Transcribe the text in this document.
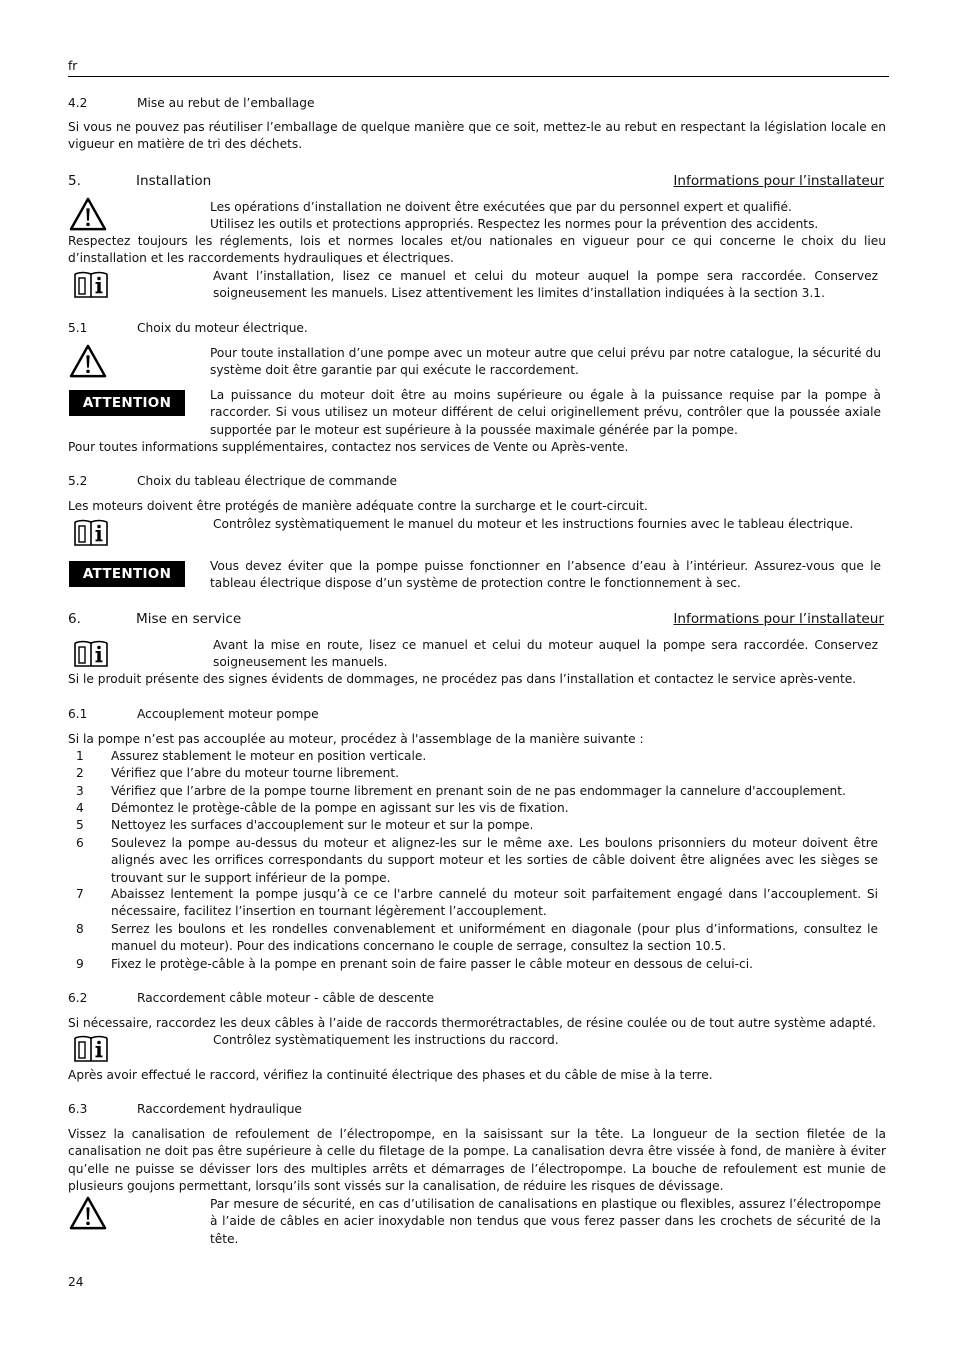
fr
4.2	Mise au rebut de l’emballage
Si vous ne pouvez pas réutiliser l’emballage de quelque manière que ce soit, mettez-le au rebut en respectant la législation locale en vigueur en matière de tri des déchets.
5.	Installation	Informations pour l’installateur
Les opérations d’installation ne doivent être exécutées que par du personnel expert et qualifié.
Utilisez les outils et protections appropriés. Respectez les normes pour la prévention des accidents.
Respectez toujours les réglements, lois et normes locales et/ou nationales en vigueur pour ce qui concerne le choix du lieu d’installation et les raccordements hydrauliques et électriques.
Avant l’installation, lisez ce manuel et celui du moteur auquel la pompe sera raccordée. Conservez soigneusement les manuels. Lisez attentivement les limites d’installation indiquées à la section 3.1.
5.1	Choix du moteur électrique.
Pour toute installation d’une pompe avec un moteur autre que celui prévu par notre catalogue, la sécurité du système doit être garantie par qui exécute le raccordement.
ATTENTION	La puissance du moteur doit être au moins supérieure ou égale à la puissance requise par la pompe à raccorder. Si vous utilisez un moteur différent de celui originellement prévu, contrôler que la poussée axiale supportée par le moteur est supérieure à la poussée maximale générée par la pompe.
Pour toutes informations supplémentaires, contactez nos services de Vente ou Après-vente.
5.2	Choix du tableau électrique de commande
Les moteurs doivent être protégés de manière adéquate contre la surcharge et le court-circuit.
Contrôlez systèmatiquement le manuel du moteur et les instructions fournies avec le tableau électrique.
ATTENTION	Vous devez éviter que la pompe puisse fonctionner en l’absence d’eau à l’intérieur. Assurez-vous que le tableau électrique dispose d’un système de protection contre le fonctionnement à sec.
6.	Mise en service	Informations pour l’installateur
Avant la mise en route, lisez ce manuel et celui du moteur auquel la pompe sera raccordée. Conservez soigneusement les manuels.
Si le produit présente des signes évidents de dommages, ne procédez pas dans l’installation et contactez le service après-vente.
6.1	Accouplement moteur pompe
Si la pompe n’est pas accouplée au moteur, procédez à l'assemblage de la manière suivante :
1 Assurez stablement le moteur en position verticale.
2 Vérifiez que l’abre du moteur tourne librement.
3 Vérifiez que l’arbre de la pompe tourne librement en prenant soin de ne pas endommager la cannelure d'accouplement.
4 Démontez le protège-câble de la pompe en agissant sur les vis de fixation.
5 Nettoyez les surfaces d'accouplement sur le moteur et sur la pompe.
6 Soulevez la pompe au-dessus du moteur et alignez-les sur le même axe. Les boulons prisonniers du moteur doivent être alignés avec les orrifices correspondants du support moteur et les sorties de câble doivent être alignées avec les sièges se trouvant sur le support inférieur de la pompe.
7 Abaissez lentement la pompe jusqu’à ce ce l'arbre cannelé du moteur soit parfaitement engagé dans l’accouplement. Si nécessaire, facilitez l’insertion en tournant légèrement l’accouplement.
8 Serrez les boulons et les rondelles convenablement et uniformément en diagonale (pour plus d’informations, consultez le manuel du moteur). Pour des indications concernano le couple de serrage, consultez la section 10.5.
9 Fixez le protège-câble à la pompe en prenant soin de faire passer le câble moteur en dessous de celui-ci.
6.2	Raccordement câble moteur - câble de descente
Si nécessaire, raccordez les deux câbles à l’aide de raccords thermorétractables, de résine coulée ou de tout autre système adapté.
Contrôlez systèmatiquement les instructions du raccord.
Après avoir effectué le raccord, vérifiez la continuité électrique des phases et du câble de mise à la terre.
6.3	Raccordement hydraulique
Vissez la canalisation de refoulement de l’électropompe, en la saisissant sur la tête. La longueur de la section filetée de la canalisation ne doit pas être supérieure à celle du filetage de la pompe. La canalisation devra être vissée à fond, de manière à éviter qu’elle ne puisse se dévisser lors des multiples arrêts et démarrages de l’électropompe. La bouche de refoulement est munie de plusieurs goujons permettant, lorsqu’ils sont vissés sur la canalisation, de réduire les risques de dévissage.
Par mesure de sécurité, en cas d’utilisation de canalisations en plastique ou flexibles, assurez l’électropompe à l’aide de câbles en acier inoxydable non tendus que vous ferez passer dans les crochets de sécurité de la tête.
24
